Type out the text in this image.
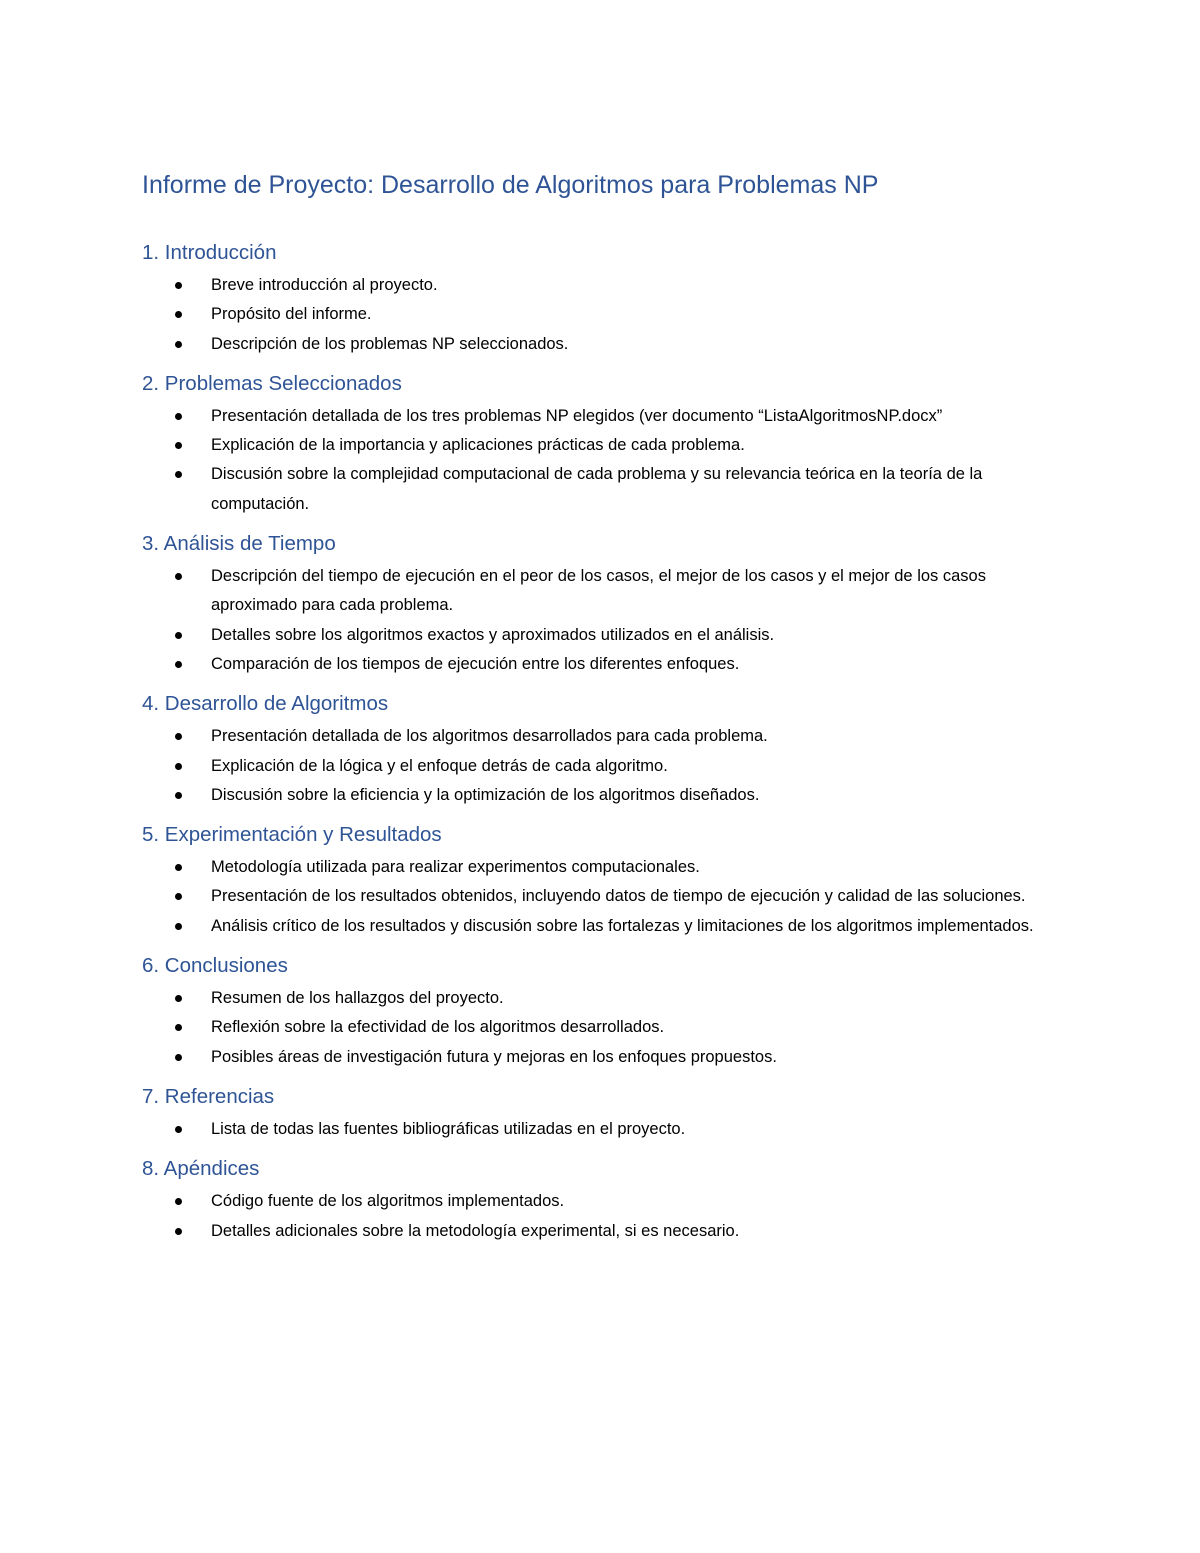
Informe de Proyecto: Desarrollo de Algoritmos para Problemas NP
1. Introducción
Breve introducción al proyecto.
Propósito del informe.
Descripción de los problemas NP seleccionados.
2. Problemas Seleccionados
Presentación detallada de los tres problemas NP elegidos (ver documento “ListaAlgoritmosNP.docx”
Explicación de la importancia y aplicaciones prácticas de cada problema.
Discusión sobre la complejidad computacional de cada problema y su relevancia teórica en la teoría de la computación.
3. Análisis de Tiempo
Descripción del tiempo de ejecución en el peor de los casos, el mejor de los casos y el mejor de los casos aproximado para cada problema.
Detalles sobre los algoritmos exactos y aproximados utilizados en el análisis.
Comparación de los tiempos de ejecución entre los diferentes enfoques.
4. Desarrollo de Algoritmos
Presentación detallada de los algoritmos desarrollados para cada problema.
Explicación de la lógica y el enfoque detrás de cada algoritmo.
Discusión sobre la eficiencia y la optimización de los algoritmos diseñados.
5. Experimentación y Resultados
Metodología utilizada para realizar experimentos computacionales.
Presentación de los resultados obtenidos, incluyendo datos de tiempo de ejecución y calidad de las soluciones.
Análisis crítico de los resultados y discusión sobre las fortalezas y limitaciones de los algoritmos implementados.
6. Conclusiones
Resumen de los hallazgos del proyecto.
Reflexión sobre la efectividad de los algoritmos desarrollados.
Posibles áreas de investigación futura y mejoras en los enfoques propuestos.
7. Referencias
Lista de todas las fuentes bibliográficas utilizadas en el proyecto.
8. Apéndices
Código fuente de los algoritmos implementados.
Detalles adicionales sobre la metodología experimental, si es necesario.
